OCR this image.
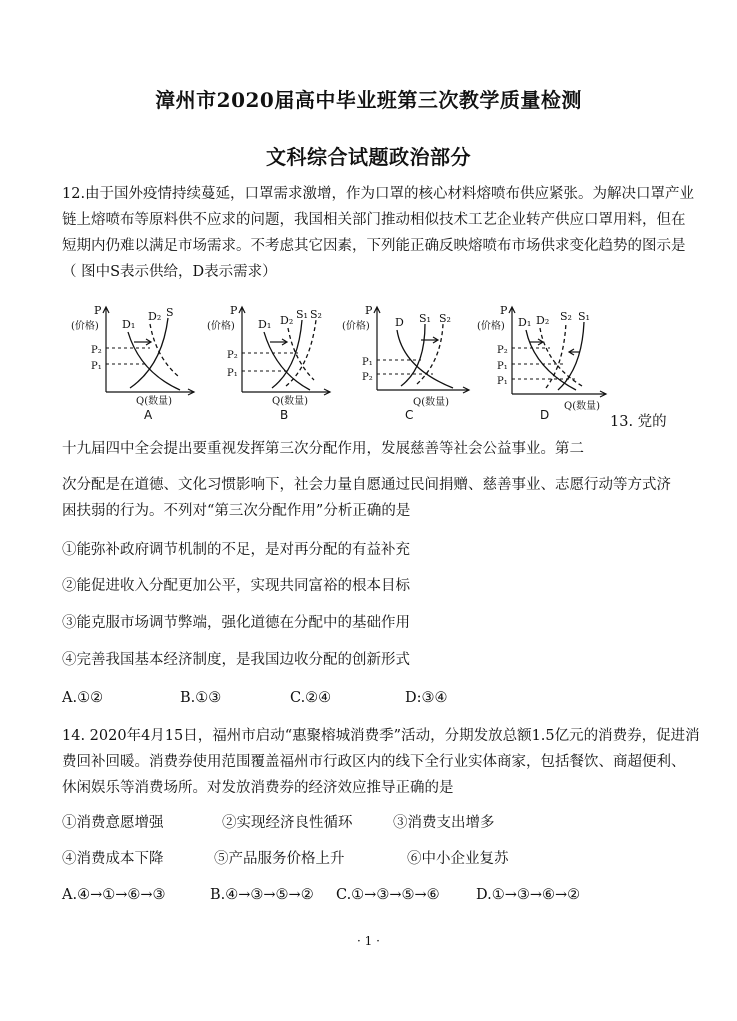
漳州市2020届高中毕业班第三次教学质量检测
文科综合试题政治部分
12.由于国外疫情持续蔓延，口罩需求激增，作为口罩的核心材料熔喷布供应紧张。为解决口罩产业
链上熔喷布等原料供不应求的问题，我国相关部门推动相似技术工艺企业转产供应口罩用料，但在
短期内仍难以满足市场需求。不考虑其它因素，下列能正确反映熔喷布市场供求变化趋势的图示是
（ 图中S表示供给，D表示需求）
P
(价格)
Q(数量)
P₂
P₁
D₁
D₂ S
A
P
(价格)
Q(数量)
P₂
P₁
D₁ D₂ S₁ S₂
B
P
(价格)
Q(数量)
P₁
P₂
D S₁ S₂
C
P
(价格)
Q(数量)
P₂
P₁
P₁
D₁ D₂ S₂ S₁
D	13. 党的
十九届四中全会提出要重视发挥第三次分配作用，发展慈善等社会公益事业。第二
次分配是在道德、文化习惯影响下，社会力量自愿通过民间捐赠、慈善事业、志愿行动等方式济
困扶弱的行为。不列对“第三次分配作用”分析正确的是
①能弥补政府调节机制的不足，是对再分配的有益补充
②能促进收入分配更加公平，实现共同富裕的根本目标
③能克服市场调节弊端，强化道德在分配中的基础作用
④完善我国基本经济制度，是我国边收分配的创新形式
A.①②	B.①③	C.②④	D:③④
14. 2020年4月15日，福州市启动“惠聚榕城消费季”活动，分期发放总额1.5亿元的消费券，促进消
费回补回暖。消费券使用范围覆盖福州市行政区内的线下全行业实体商家，包括餐饮、商超便利、
休闲娱乐等消费场所。对发放消费券的经济效应推导正确的是
①消费意愿增强	②实现经济良性循环	③消费支出增多
④消费成本下降	⑤产品服务价格上升	⑥中小企业复苏
A.④→①→⑥→③	B.④→③→⑤→② C.①→③→⑤→⑥	D.①→③→⑥→②
· 1 ·
